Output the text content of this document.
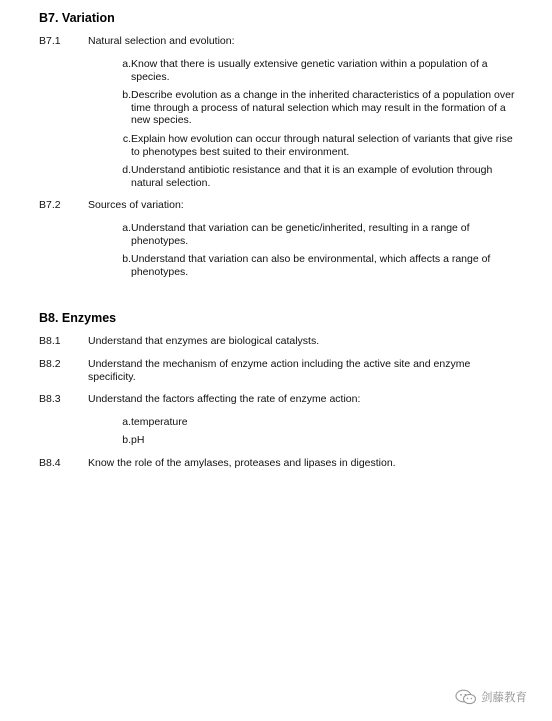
B7. Variation
B7.1	Natural selection and evolution:
a. Know that there is usually extensive genetic variation within a population of a species.
b. Describe evolution as a change in the inherited characteristics of a population over time through a process of natural selection which may result in the formation of a new species.
c. Explain how evolution can occur through natural selection of variants that give rise to phenotypes best suited to their environment.
d. Understand antibiotic resistance and that it is an example of evolution through natural selection.
B7.2	Sources of variation:
a. Understand that variation can be genetic/inherited, resulting in a range of phenotypes.
b. Understand that variation can also be environmental, which affects a range of phenotypes.
B8. Enzymes
B8.1	Understand that enzymes are biological catalysts.
B8.2	Understand the mechanism of enzyme action including the active site and enzyme specificity.
B8.3	Understand the factors affecting the rate of enzyme action:
a. temperature
b. pH
B8.4	Know the role of the amylases, proteases and lipases in digestion.
剑藤教育
